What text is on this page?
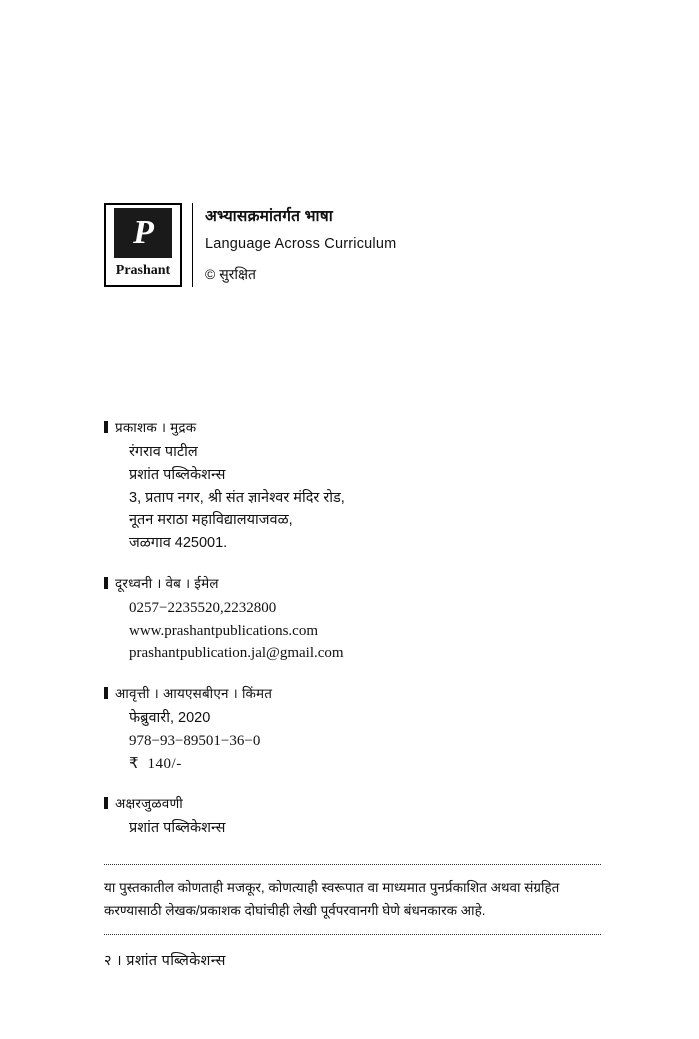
P
Prashant
अभ्यासक्रमांतर्गत भाषा
Language Across Curriculum
© सुरक्षित
प्रकाशक । मुद्रक
रंगराव पाटील
प्रशांत पब्लिकेशन्स
3, प्रताप नगर, श्री संत ज्ञानेश्वर मंदिर रोड,
नूतन मराठा महाविद्यालयाजवळ,
जळगाव 425001.
दूरध्वनी । वेब । ईमेल
0257−2235520,2232800
www.prashantpublications.com
prashantpublication.jal@gmail.com
आवृत्ती । आयएसबीएन । किंमत
फेब्रुवारी, 2020
978−93−89501−36−0
₹  140/-
अक्षरजुळवणी
प्रशांत पब्लिकेशन्स
या पुस्तकातील कोणताही मजकूर, कोणत्याही स्वरूपात वा माध्यमात पुनर्प्रकाशित अथवा संग्रहित करण्यासाठी लेखक/प्रकाशक दोघांचीही लेखी पूर्वपरवानगी घेणे बंधनकारक आहे.
२ । प्रशांत पब्लिकेशन्स
